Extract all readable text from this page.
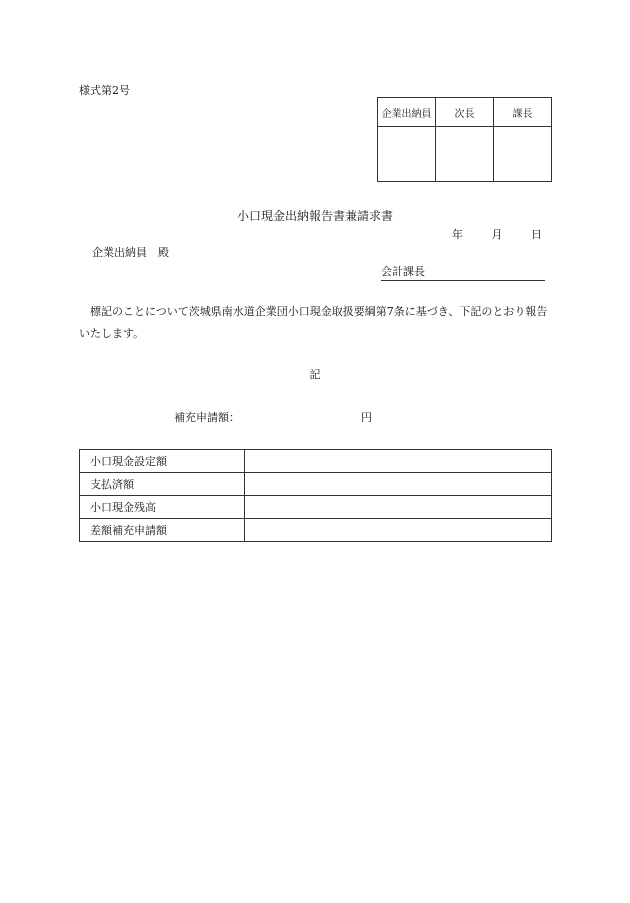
様式第2号
企業出納員	次長	課長

小口現金出納報告書兼請求書
年	月	日
企業出納員　殿
会計課長
　標記のことについて茨城県南水道企業団小口現金取扱要綱第7条に基づき、下記のとおり報告いたします。
記
補充申請額：	円
小口現金設定額	
支払済額	
小口現金残高	
差額補充申請額	
